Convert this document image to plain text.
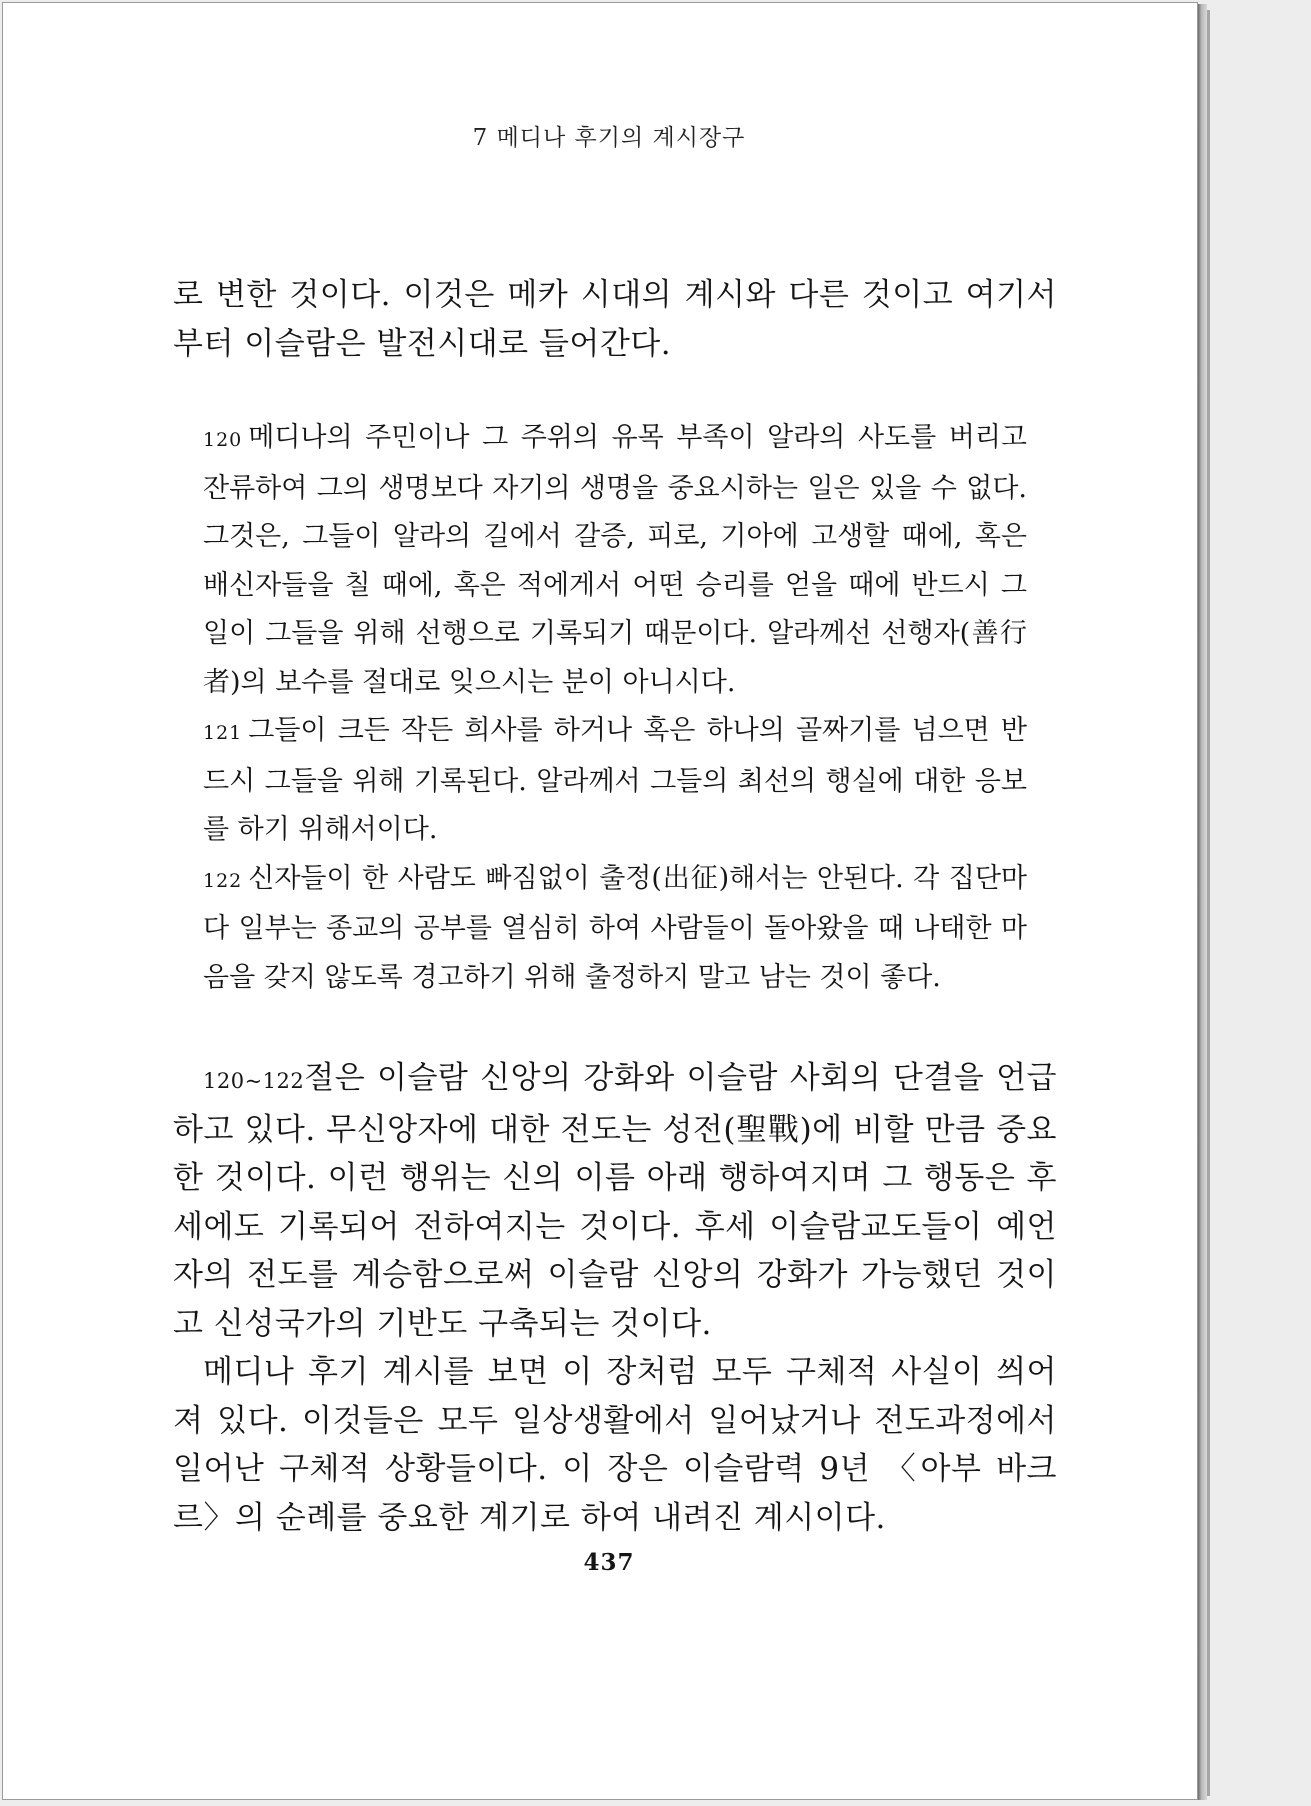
7 메디나 후기의 계시장구

로 변한 것이다. 이것은 메카 시대의 계시와 다른 것이고 여기서부터 이슬람은 발전시대로 들어간다.

120 메디나의 주민이나 그 주위의 유목 부족이 알라의 사도를 버리고 잔류하여 그의 생명보다 자기의 생명을 중요시하는 일은 있을 수 없다. 그것은, 그들이 알라의 길에서 갈증, 피로, 기아에 고생할 때에, 혹은 배신자들을 칠 때에, 혹은 적에게서 어떤 승리를 얻을 때에 반드시 그 일이 그들을 위해 선행으로 기록되기 때문이다. 알라께선 선행자(善行者)의 보수를 절대로 잊으시는 분이 아니시다.

121 그들이 크든 작든 희사를 하거나 혹은 하나의 골짜기를 넘으면 반드시 그들을 위해 기록된다. 알라께서 그들의 최선의 행실에 대한 응보를 하기 위해서이다.

122 신자들이 한 사람도 빠짐없이 출정(出征)해서는 안된다. 각 집단마다 일부는 종교의 공부를 열심히 하여 사람들이 돌아왔을 때 나태한 마음을 갖지 않도록 경고하기 위해 출정하지 말고 남는 것이 좋다.

120~122절은 이슬람 신앙의 강화와 이슬람 사회의 단결을 언급하고 있다. 무신앙자에 대한 전도는 성전(聖戰)에 비할 만큼 중요한 것이다. 이런 행위는 신의 이름 아래 행하여지며 그 행동은 후세에도 기록되어 전하여지는 것이다. 후세 이슬람교도들이 예언자의 전도를 계승함으로써 이슬람 신앙의 강화가 가능했던 것이고 신성국가의 기반도 구축되는 것이다.

메디나 후기 계시를 보면 이 장처럼 모두 구체적 사실이 씌어져 있다. 이것들은 모두 일상생활에서 일어났거나 전도과정에서 일어난 구체적 상황들이다. 이 장은 이슬람력 9년 〈아부 바크르〉의 순례를 중요한 계기로 하여 내려진 계시이다.

437
